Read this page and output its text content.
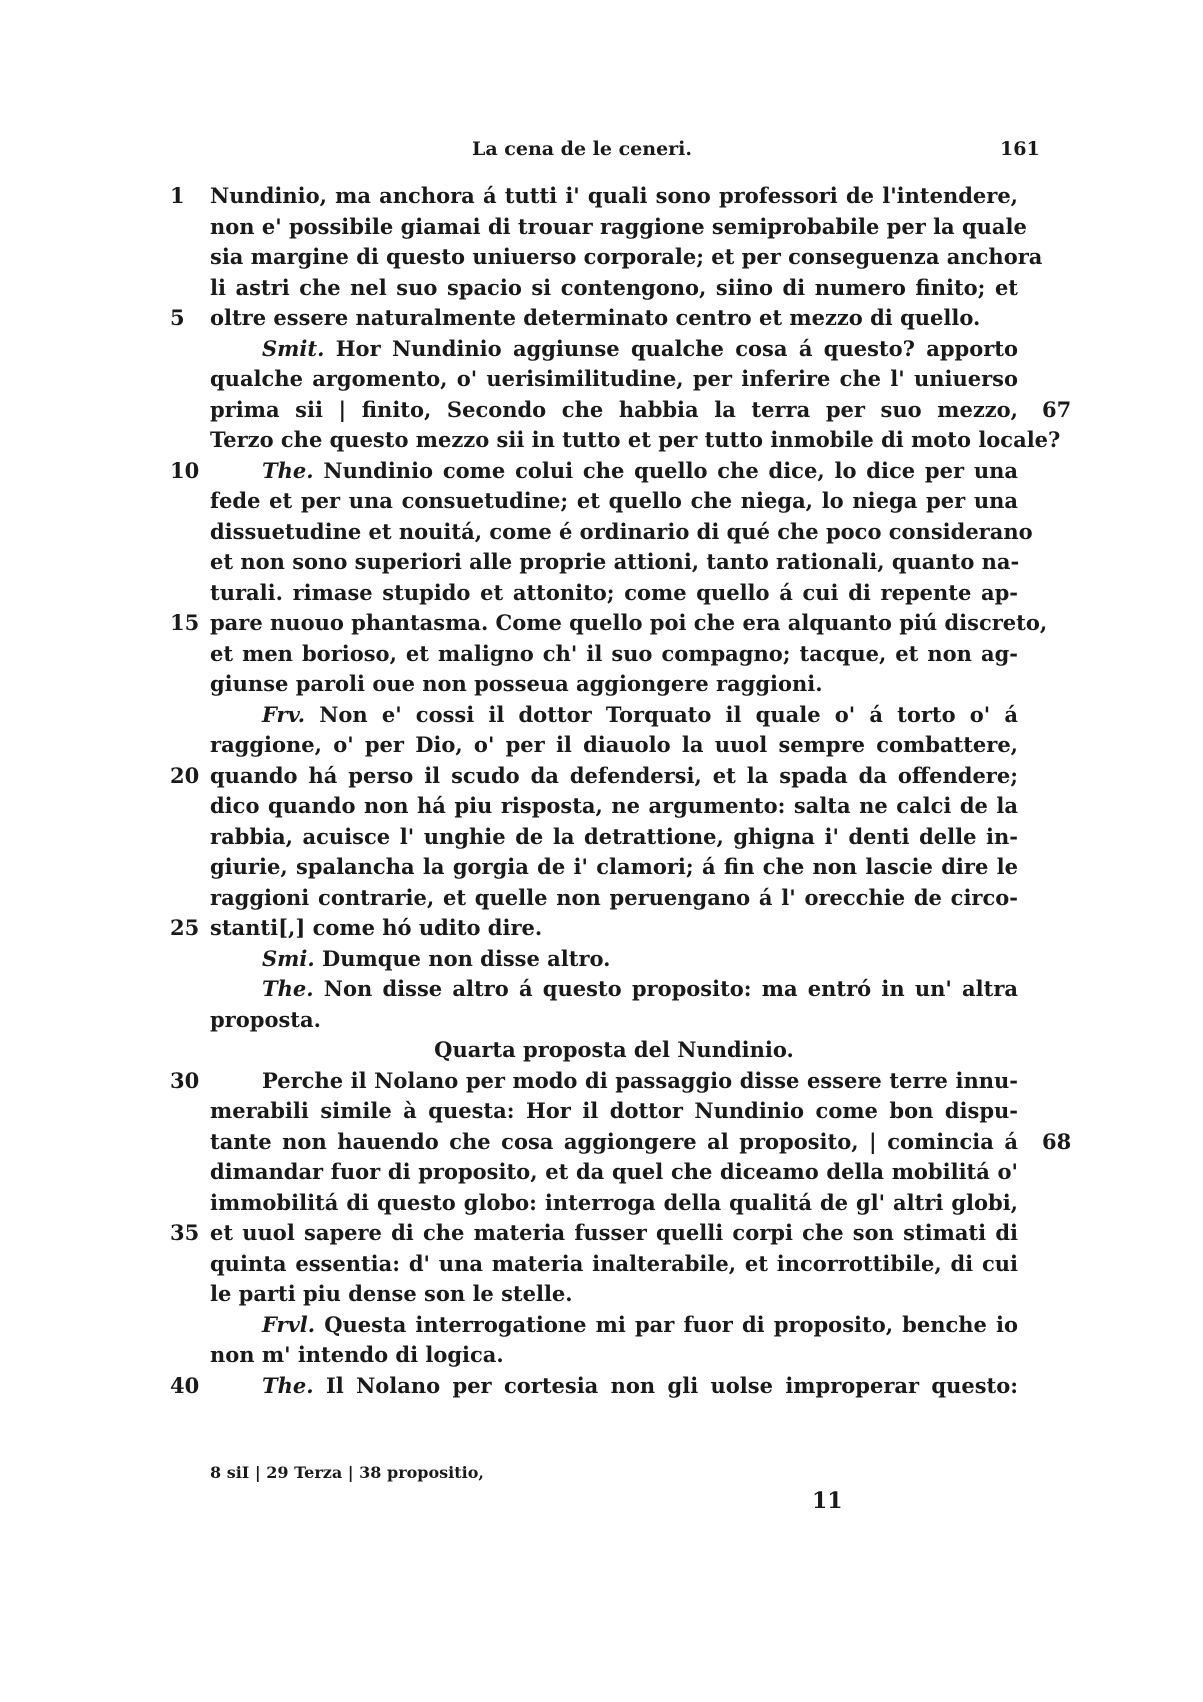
La cena de le ceneri.	161
1	Nundinio, ma anchora á tutti i' quali sono professori de l'intendere,
non e' possibile giamai di trouar raggione semiprobabile per la quale
sia margine di questo uniuerso corporale; et per conseguenza anchora
li astri che nel suo spacio si contengono, siino di numero finito; et
5	oltre essere naturalmente determinato centro et mezzo di quello.
Smit. Hor Nundinio aggiunse qualche cosa á questo? apporto
qualche argomento, o' uerisimilitudine, per inferire che l' uniuerso
prima sii | finito, Secondo che habbia la terra per suo mezzo, 67
Terzo che questo mezzo sii in tutto et per tutto inmobile di moto locale?
10	The. Nundinio come colui che quello che dice, lo dice per una
fede et per una consuetudine; et quello che niega, lo niega per una
dissuetudine et nouitá, come é ordinario di qué che poco considerano
et non sono superiori alle proprie attioni, tanto rationali, quanto na-
turali. rimase stupido et attonito; come quello á cui di repente ap-
15 pare nuouo phantasma. Come quello poi che era alquanto piú discreto,
et men borioso, et maligno ch' il suo compagno; tacque, et non ag-
giunse paroli oue non posseua aggiongere raggioni.
Frv. Non e' cossi il dottor Torquato il quale o' á torto o' á
raggione, o' per Dio, o' per il diauolo la uuol sempre combattere,
20 quando há perso il scudo da defendersi, et la spada da offendere;
dico quando non há piu risposta, ne argumento: salta ne calci de la
rabbia, acuisce l' unghie de la detrattione, ghigna i' denti delle in-
giurie, spalancha la gorgia de i' clamori; á fin che non lascie dire le
raggioni contrarie, et quelle non peruengano á l' orecchie de circo-
25 stanti[,] come hó udito dire.
Smi. Dumque non disse altro.
The. Non disse altro á questo proposito: ma entró in un' altra
proposta.
Quarta proposta del Nundinio.
30	Perche il Nolano per modo di passaggio disse essere terre innu-
merabili simile à questa: Hor il dottor Nundinio come bon dispu-
tante non hauendo che cosa aggiongere al proposito, | comincia á 68
dimandar fuor di proposito, et da quel che diceamo della mobilitá o'
immobilitá di questo globo: interroga della qualitá de gl' altri globi,
35 et uuol sapere di che materia fusser quelli corpi che son stimati di
quinta essentia: d' una materia inalterabile, et incorrottibile, di cui
le parti piu dense son le stelle.
Frvl. Questa interrogatione mi par fuor di proposito, benche io
non m' intendo di logica.
40	The. Il Nolano per cortesia non gli uolse improperar questo:
8 siI | 29 Terza | 38 propositio,
11
